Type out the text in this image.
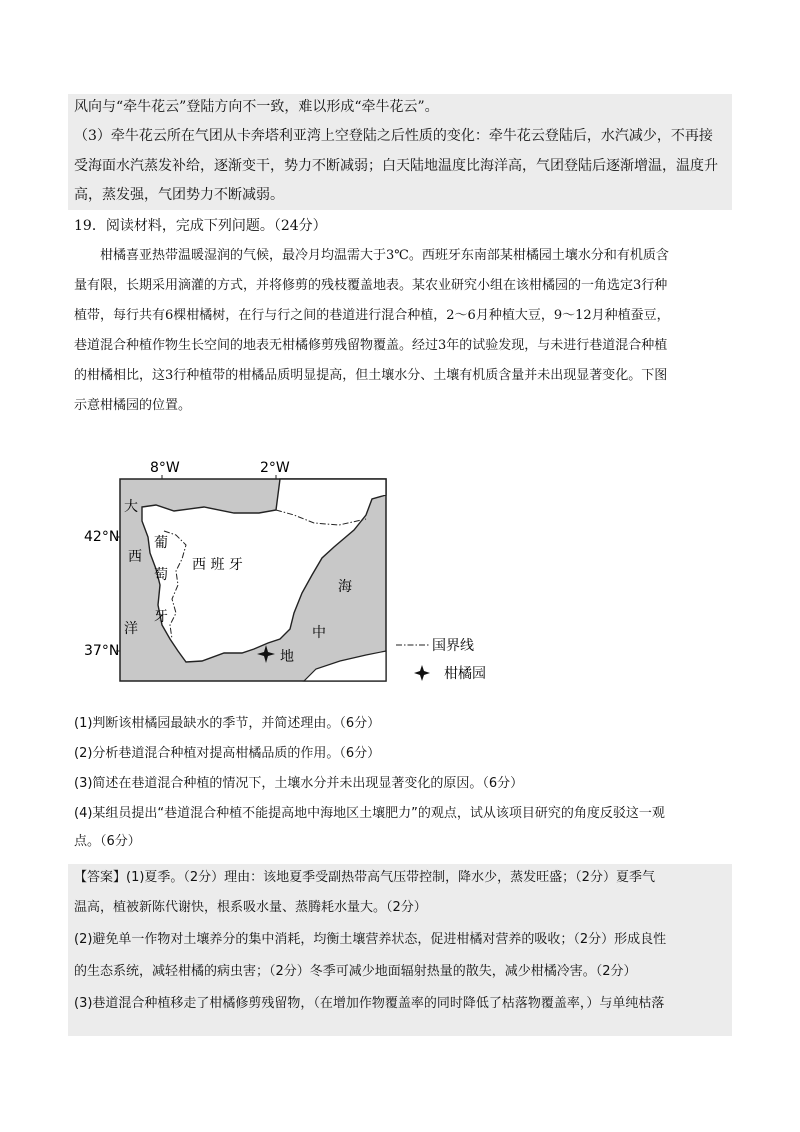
风向与“牵牛花云”登陆方向不一致，难以形成“牵牛花云”。
（3）牵牛花云所在气团从卡奔塔利亚湾上空登陆之后性质的变化：牵牛花云登陆后，水汽减少，不再接
受海面水汽蒸发补给，逐渐变干，势力不断减弱；白天陆地温度比海洋高，气团登陆后逐渐增温，温度升
高，蒸发强，气团势力不断减弱。
19．阅读材料，完成下列问题。（24分）
柑橘喜亚热带温暖湿润的气候，最冷月均温需大于3℃。西班牙东南部某柑橘园土壤水分和有机质含
量有限，长期采用滴灌的方式，并将修剪的残枝覆盖地表。某农业研究小组在该柑橘园的一角选定3行种
植带，每行共有6棵柑橘树，在行与行之间的巷道进行混合种植，2～6月种植大豆，9～12月种植蚕豆，
巷道混合种植作物生长空间的地表无柑橘修剪残留物覆盖。经过3年的试验发现，与未进行巷道混合种植
的柑橘相比，这3行种植带的柑橘品质明显提高，但土壤水分、土壤有机质含量并未出现显著变化。下图
示意柑橘园的位置。
8°W	2°W
42°N
37°N
大
西
洋
葡
萄
牙
西 班 牙
海
中
地
国界线
柑橘园
(1)判断该柑橘园最缺水的季节，并简述理由。（6分）
(2)分析巷道混合种植对提高柑橘品质的作用。（6分）
(3)简述在巷道混合种植的情况下，土壤水分并未出现显著变化的原因。（6分）
(4)某组员提出“巷道混合种植不能提高地中海地区土壤肥力”的观点，试从该项目研究的角度反驳这一观
点。（6分）
【答案】(1)夏季。（2分）理由：该地夏季受副热带高气压带控制，降水少，蒸发旺盛；（2分）夏季气
温高，植被新陈代谢快，根系吸水量、蒸腾耗水量大。（2分）
(2)避免单一作物对土壤养分的集中消耗，均衡土壤营养状态，促进柑橘对营养的吸收；（2分）形成良性
的生态系统，减轻柑橘的病虫害；（2分）冬季可减少地面辐射热量的散失，减少柑橘冷害。（2分）
(3)巷道混合种植移走了柑橘修剪残留物，（在增加作物覆盖率的同时降低了枯落物覆盖率，）与单纯枯落
